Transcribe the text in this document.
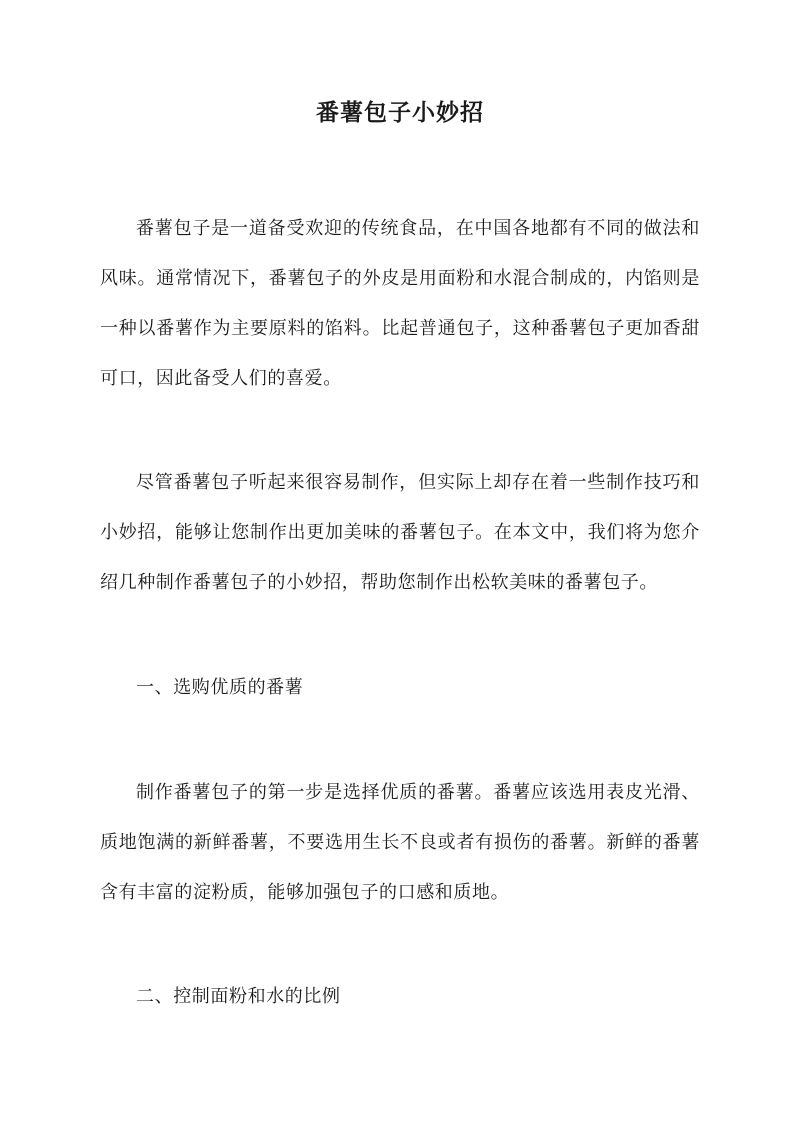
番薯包子小妙招

番薯包子是一道备受欢迎的传统食品，在中国各地都有不同的做法和风味。通常情况下，番薯包子的外皮是用面粉和水混合制成的，内馅则是一种以番薯作为主要原料的馅料。比起普通包子，这种番薯包子更加香甜可口，因此备受人们的喜爱。

尽管番薯包子听起来很容易制作，但实际上却存在着一些制作技巧和小妙招，能够让您制作出更加美味的番薯包子。在本文中，我们将为您介绍几种制作番薯包子的小妙招，帮助您制作出松软美味的番薯包子。

一、选购优质的番薯

制作番薯包子的第一步是选择优质的番薯。番薯应该选用表皮光滑、质地饱满的新鲜番薯，不要选用生长不良或者有损伤的番薯。新鲜的番薯含有丰富的淀粉质，能够加强包子的口感和质地。

二、控制面粉和水的比例
